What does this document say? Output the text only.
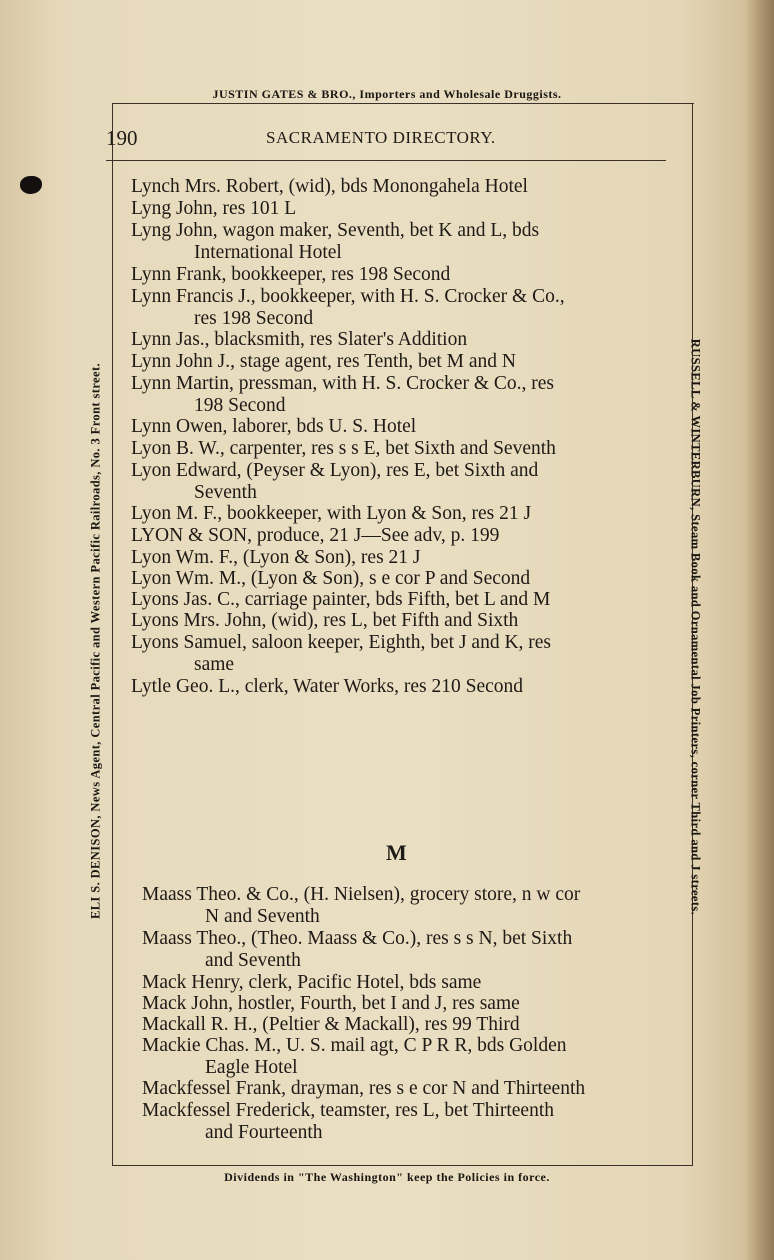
JUSTIN GATES & BRO., Importers and Wholesale Druggists.
ELI S. DENISON, News Agent, Central Pacific and Western Pacific Railroads, No. 3 Front street.	RUSSELL & WINTERBURN, Steam Book and Ornamental Job Printers, corner Third and J streets.
190	SACRAMENTO DIRECTORY.

Lynch Mrs. Robert, (wid), bds Monongahela Hotel

Lyng John, res 101 L

Lyng John, wagon maker, Seventh, bet K and L, bds
International Hotel

Lynn Frank, bookkeeper, res 198 Second

Lynn Francis J., bookkeeper, with H. S. Crocker & Co.,
res 198 Second

Lynn Jas., blacksmith, res Slater's Addition

Lynn John J., stage agent, res Tenth, bet M and N

Lynn Martin, pressman, with H. S. Crocker & Co., res
198 Second

Lynn Owen, laborer, bds U. S. Hotel

Lyon B. W., carpenter, res s s E, bet Sixth and Seventh

Lyon Edward, (Peyser & Lyon), res E, bet Sixth and
Seventh

Lyon M. F., bookkeeper, with Lyon & Son, res 21 J

LYON & SON, produce, 21 J—See adv, p. 199

Lyon Wm. F., (Lyon & Son), res 21 J

Lyon Wm. M., (Lyon & Son), s e cor P and Second

Lyons Jas. C., carriage painter, bds Fifth, bet L and M

Lyons Mrs. John, (wid), res L, bet Fifth and Sixth

Lyons Samuel, saloon keeper, Eighth, bet J and K, res
same

Lytle Geo. L., clerk, Water Works, res 210 Second

M

Maass Theo. & Co., (H. Nielsen), grocery store, n w cor
N and Seventh

Maass Theo., (Theo. Maass & Co.), res s s N, bet Sixth
and Seventh

Mack Henry, clerk, Pacific Hotel, bds same

Mack John, hostler, Fourth, bet I and J, res same

Mackall R. H., (Peltier & Mackall), res 99 Third

Mackie Chas. M., U. S. mail agt, C P R R, bds Golden
Eagle Hotel

Mackfessel Frank, drayman, res s e cor N and Thirteenth

Mackfessel Frederick, teamster, res L, bet Thirteenth
and Fourteenth

Dividends in "The Washington" keep the Policies in force.
